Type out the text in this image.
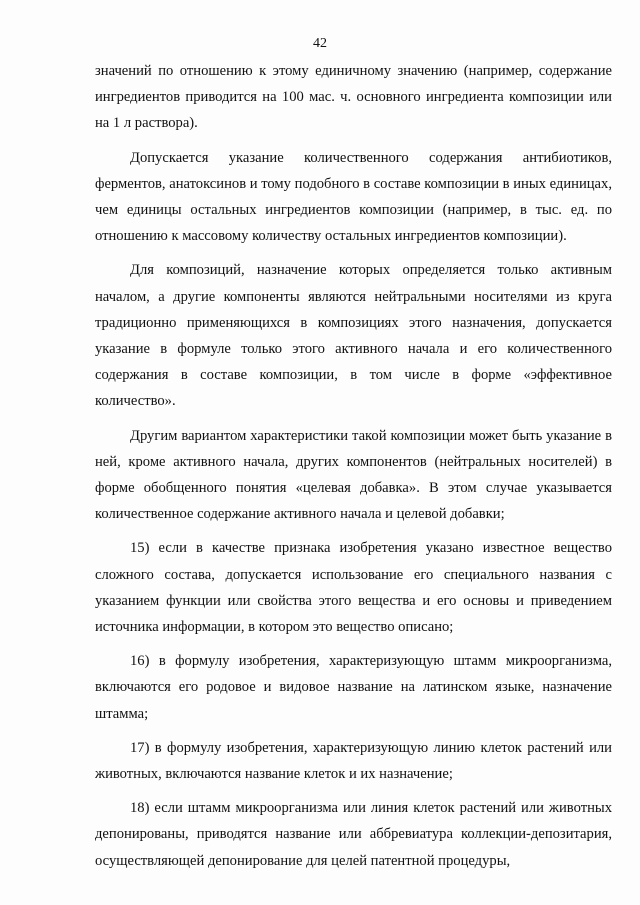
42

значений по отношению к этому единичному значению (например, содержание ингредиентов приводится на 100 мас. ч. основного ингредиента композиции или на 1 л раствора).

Допускается указание количественного содержания антибиотиков, ферментов, анатоксинов и тому подобного в составе композиции в иных единицах, чем единицы остальных ингредиентов композиции (например, в тыс. ед. по отношению к массовому количеству остальных ингредиентов композиции).

Для композиций, назначение которых определяется только активным началом, а другие компоненты являются нейтральными носителями из круга традиционно применяющихся в композициях этого назначения, допускается указание в формуле только этого активного начала и его количественного содержания в составе композиции, в том числе в форме «эффективное количество».

Другим вариантом характеристики такой композиции может быть указание в ней, кроме активного начала, других компонентов (нейтральных носителей) в форме обобщенного понятия «целевая добавка». В этом случае указывается количественное содержание активного начала и целевой добавки;

15) если в качестве признака изобретения указано известное вещество сложного состава, допускается использование его специального названия с указанием функции или свойства этого вещества и его основы и приведением источника информации, в котором это вещество описано;

16) в формулу изобретения, характеризующую штамм микроорганизма, включаются его родовое и видовое название на латинском языке, назначение штамма;

17) в формулу изобретения, характеризующую линию клеток растений или животных, включаются название клеток и их назначение;

18) если штамм микроорганизма или линия клеток растений или животных депонированы, приводятся название или аббревиатура коллекции-депозитария, осуществляющей депонирование для целей патентной процедуры,
